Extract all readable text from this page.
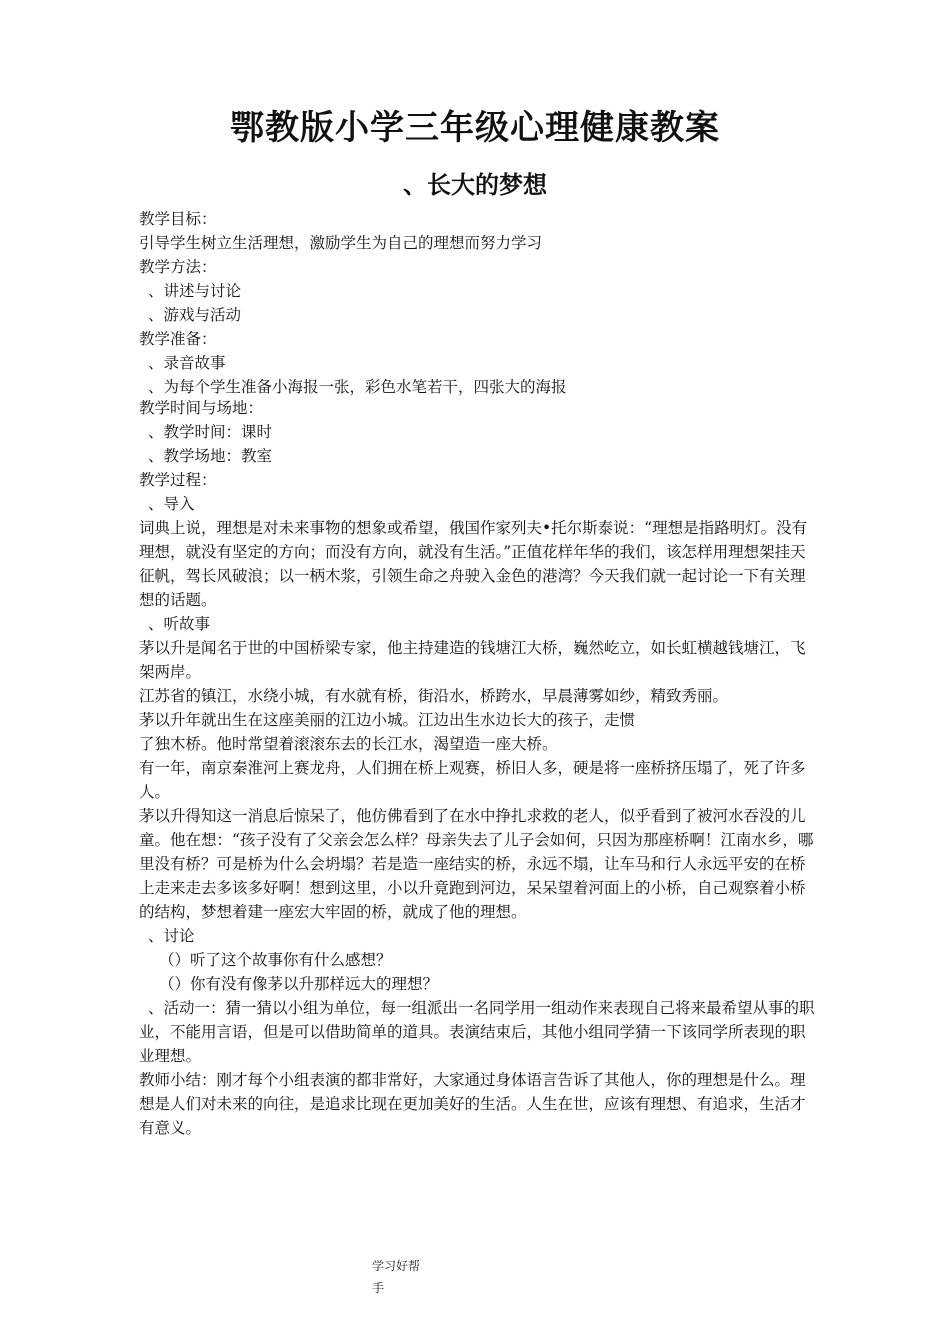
鄂教版小学三年级心理健康教案
、长大的梦想

教学目标：

引导学生树立生活理想，激励学生为自己的理想而努力学习

教学方法：

、讲述与讨论

、游戏与活动

教学准备：

、录音故事

、为每个学生准备小海报一张，彩色水笔若干，四张大的海报

教学时间与场地：

、教学时间：课时

、教学场地：教室

教学过程：

、导入

词典上说，理想是对未来事物的想象或希望，俄国作家列夫•托尔斯泰说：“理想是指路明灯。没有理想，就没有坚定的方向；而没有方向，就没有生活。”正值花样年华的我们，该怎样用理想架挂天征帆，驾长风破浪；以一柄木浆，引领生命之舟驶入金色的港湾？今天我们就一起讨论一下有关理想的话题。

、听故事

茅以升是闻名于世的中国桥梁专家，他主持建造的钱塘江大桥，巍然屹立，如长虹横越钱塘江，飞架两岸。

江苏省的镇江，水绕小城，有水就有桥，街沿水，桥跨水，早晨薄雾如纱，精致秀丽。

茅以升年就出生在这座美丽的江边小城。江边出生水边长大的孩子，走惯

了独木桥。他时常望着滚滚东去的长江水，渴望造一座大桥。

有一年，南京秦淮河上赛龙舟，人们拥在桥上观赛，桥旧人多，硬是将一座桥挤压塌了，死了许多人。

茅以升得知这一消息后惊呆了，他仿佛看到了在水中挣扎求救的老人，似乎看到了被河水吞没的儿童。他在想：“孩子没有了父亲会怎么样？母亲失去了儿子会如何，只因为那座桥啊！江南水乡，哪里没有桥？可是桥为什么会坍塌？若是造一座结实的桥，永远不塌，让车马和行人永远平安的在桥上走来走去多该多好啊！想到这里，小以升竟跑到河边，呆呆望着河面上的小桥，自己观察着小桥的结构，梦想着建一座宏大牢固的桥，就成了他的理想。

、讨论

（）听了这个故事你有什么感想？

（）你有没有像茅以升那样远大的理想？

、活动一：猜一猜以小组为单位，每一组派出一名同学用一组动作来表现自己将来最希望从事的职业，不能用言语，但是可以借助简单的道具。表演结束后，其他小组同学猜一下该同学所表现的职业理想。

教师小结：刚才每个小组表演的都非常好，大家通过身体语言告诉了其他人，你的理想是什么。理想是人们对未来的向往，是追求比现在更加美好的生活。人生在世，应该有理想、有追求，生活才有意义。

学习好帮
手
